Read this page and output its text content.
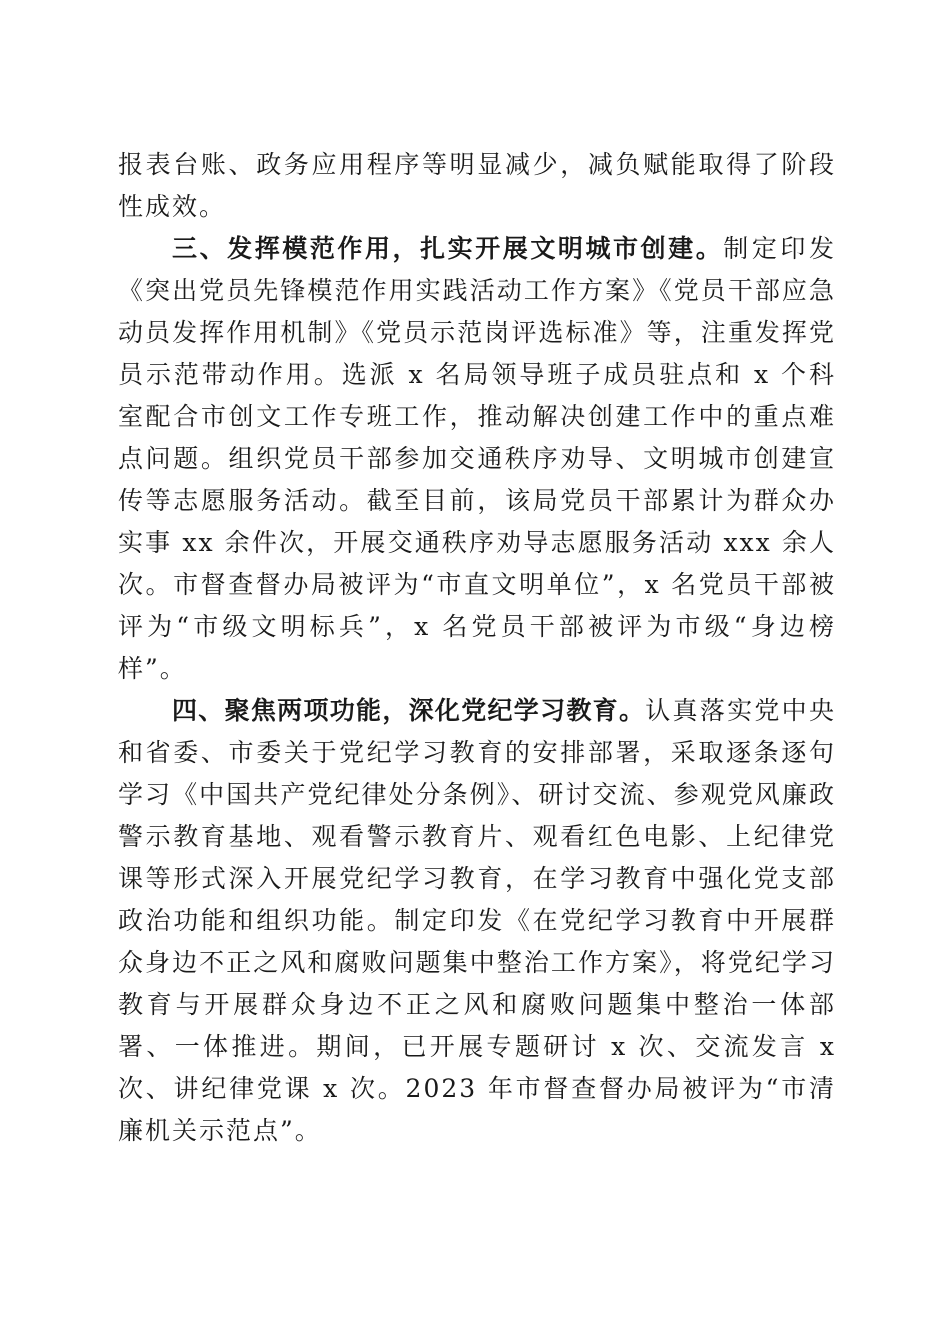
报表台账、政务应用程序等明显减少，减负赋能取得了阶段性成效。

三、发挥模范作用，扎实开展文明城市创建。制定印发《突出党员先锋模范作用实践活动工作方案》《党员干部应急动员发挥作用机制》《党员示范岗评选标准》等，注重发挥党员示范带动作用。选派 x 名局领导班子成员驻点和 x 个科室配合市创文工作专班工作，推动解决创建工作中的重点难点问题。组织党员干部参加交通秩序劝导、文明城市创建宣传等志愿服务活动。截至目前，该局党员干部累计为群众办实事 xx 余件次，开展交通秩序劝导志愿服务活动 xxx 余人次。市督查督办局被评为“市直文明单位”，x 名党员干部被评为“市级文明标兵”，x 名党员干部被评为市级“身边榜样”。

四、聚焦两项功能，深化党纪学习教育。认真落实党中央和省委、市委关于党纪学习教育的安排部署，采取逐条逐句学习《中国共产党纪律处分条例》、研讨交流、参观党风廉政警示教育基地、观看警示教育片、观看红色电影、上纪律党课等形式深入开展党纪学习教育，在学习教育中强化党支部政治功能和组织功能。制定印发《在党纪学习教育中开展群众身边不正之风和腐败问题集中整治工作方案》，将党纪学习教育与开展群众身边不正之风和腐败问题集中整治一体部署、一体推进。期间，已开展专题研讨 x 次、交流发言 x 次、讲纪律党课 x 次。2023 年市督查督办局被评为“市清廉机关示范点”。
